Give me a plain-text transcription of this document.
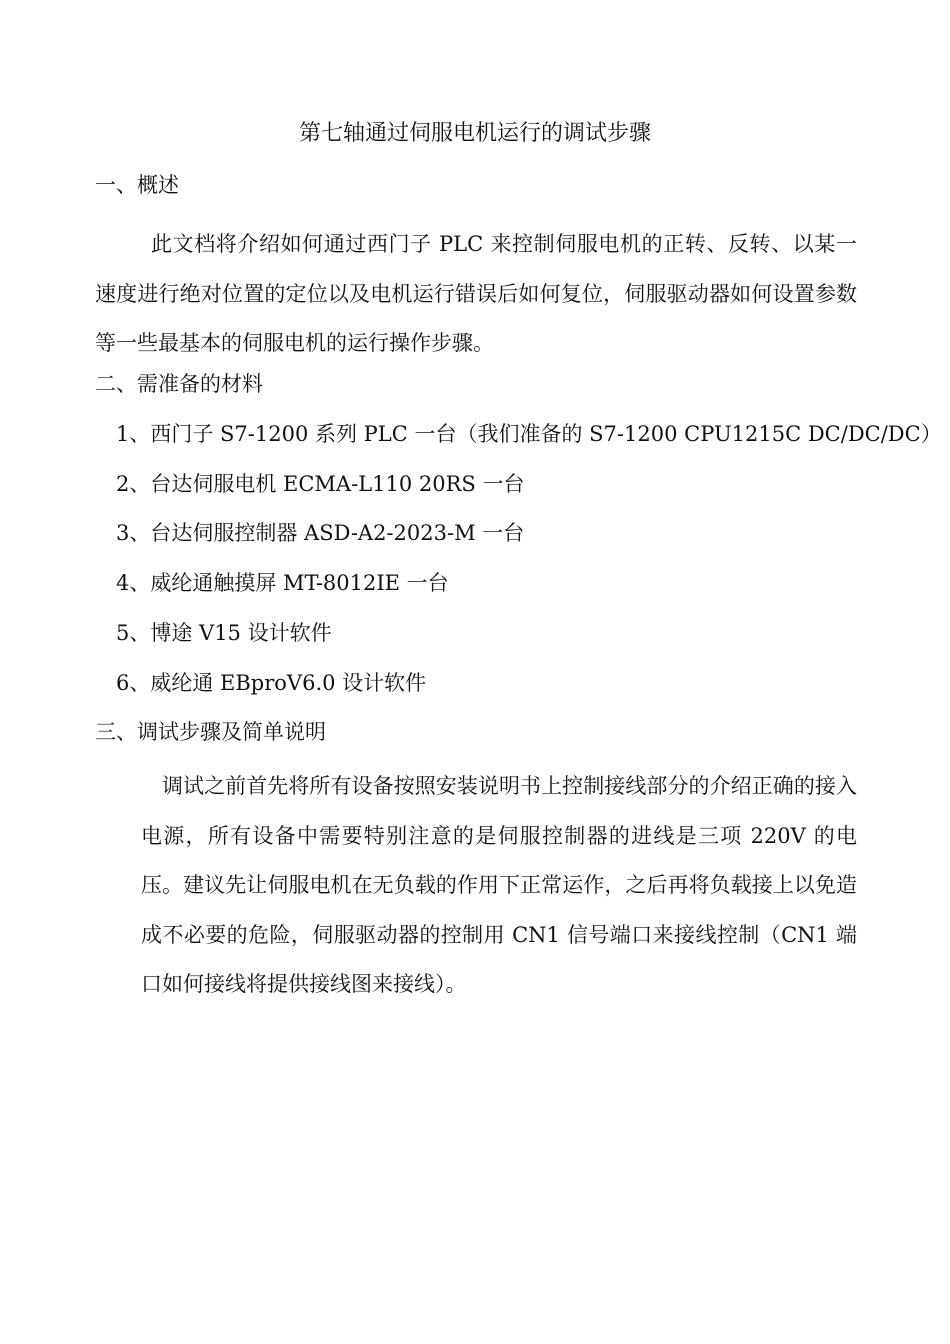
第七轴通过伺服电机运行的调试步骤
一、概述
此文档将介绍如何通过西门子 PLC 来控制伺服电机的正转、反转、以某一速度进行绝对位置的定位以及电机运行错误后如何复位，伺服驱动器如何设置参数等一些最基本的伺服电机的运行操作步骤。
二、需准备的材料
1、西门子 S7-1200 系列 PLC 一台（我们准备的 S7-1200 CPU1215C DC/DC/DC）
2、台达伺服电机 ECMA-L110 20RS 一台
3、台达伺服控制器 ASD-A2-2023-M 一台
4、威纶通触摸屏 MT-8012IE 一台
5、博途 V15 设计软件
6、威纶通 EBproV6.0 设计软件
三、调试步骤及简单说明
调试之前首先将所有设备按照安装说明书上控制接线部分的介绍正确的接入电源，所有设备中需要特别注意的是伺服控制器的进线是三项 220V 的电压。建议先让伺服电机在无负载的作用下正常运作，之后再将负载接上以免造成不必要的危险，伺服驱动器的控制用 CN1 信号端口来接线控制（CN1 端口如何接线将提供接线图来接线）。
